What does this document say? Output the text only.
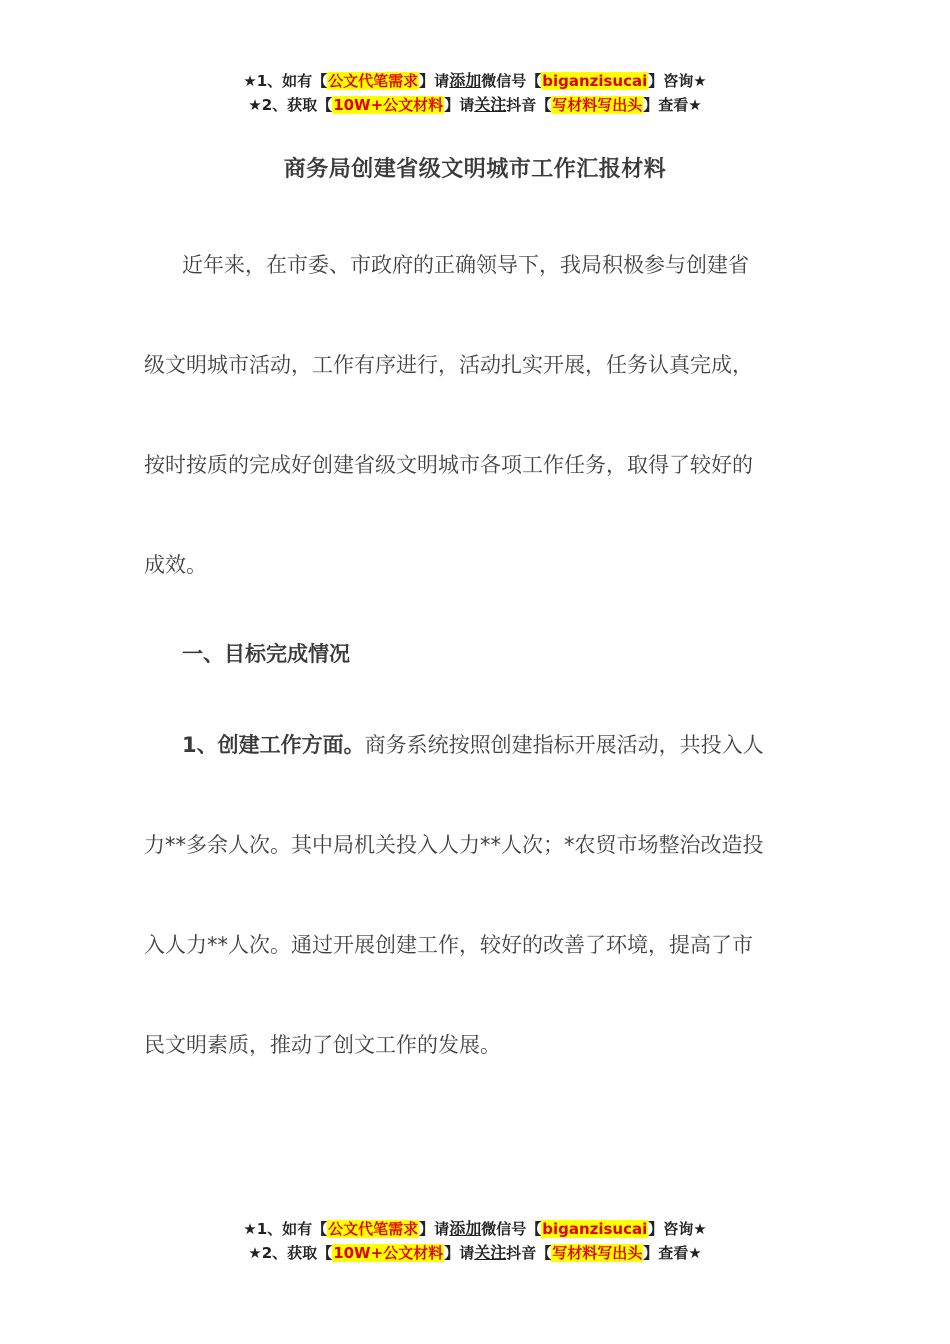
★1、如有【公文代笔需求】请添加微信号【biganzisucai】咨询★
★2、获取【10W+公文材料】请关注抖音【写材料写出头】查看★
商务局创建省级文明城市工作汇报材料
近年来，在市委、市政府的正确领导下，我局积极参与创建省
级文明城市活动，工作有序进行，活动扎实开展，任务认真完成，
按时按质的完成好创建省级文明城市各项工作任务，取得了较好的
成效。
一、目标完成情况
1、创建工作方面。商务系统按照创建指标开展活动，共投入人
力**多余人次。其中局机关投入人力**人次；*农贸市场整治改造投
入人力**人次。通过开展创建工作，较好的改善了环境，提高了市
民文明素质，推动了创文工作的发展。
★1、如有【公文代笔需求】请添加微信号【biganzisucai】咨询★
★2、获取【10W+公文材料】请关注抖音【写材料写出头】查看★
